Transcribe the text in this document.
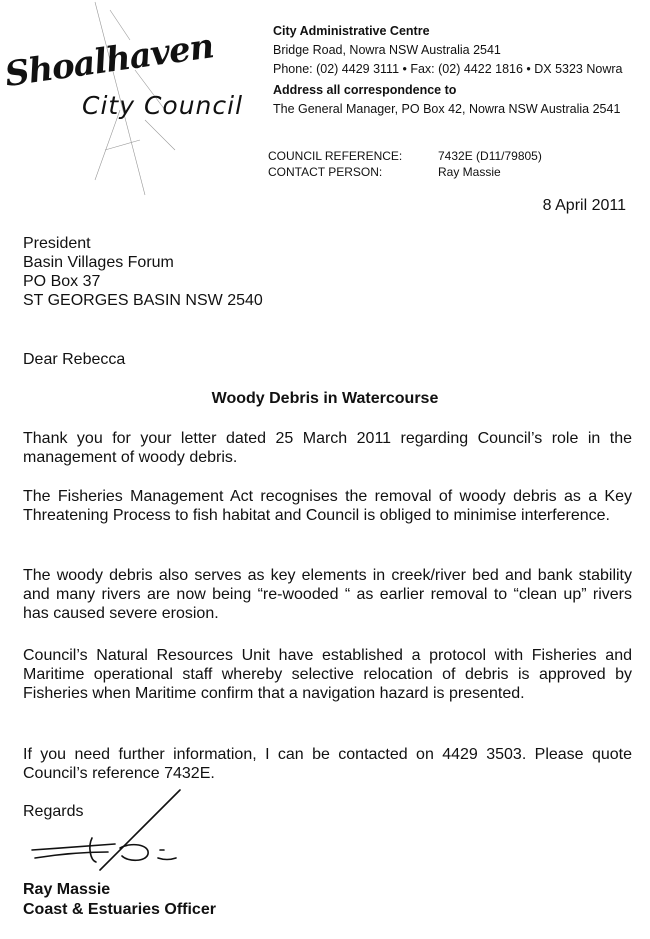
Shoalhaven
City Council
City Administrative Centre
Bridge Road, Nowra NSW Australia 2541
Phone: (02) 4429 3111 • Fax: (02) 4422 1816 • DX 5323 Nowra
Address all correspondence to
The General Manager, PO Box 42, Nowra NSW Australia 2541
COUNCIL REFERENCE:	7432E (D11/79805)
CONTACT PERSON:	Ray Massie
8 April 2011
President
Basin Villages Forum
PO Box 37
ST GEORGES BASIN NSW 2540
Dear Rebecca
Woody Debris in Watercourse
Thank you for your letter dated 25 March 2011 regarding Council’s role in the management of woody debris.
The Fisheries Management Act recognises the removal of woody debris as a Key Threatening Process to fish habitat and Council is obliged to minimise interference.
The woody debris also serves as key elements in creek/river bed and bank stability and many rivers are now being “re-wooded “ as earlier removal to “clean up” rivers has caused severe erosion.
Council’s Natural Resources Unit have established a protocol with Fisheries and Maritime operational staff whereby selective relocation of debris is approved by Fisheries when Maritime confirm that a navigation hazard is presented.
If you need further information, I can be contacted on 4429 3503. Please quote Council’s reference 7432E.
Regards
Ray Massie
Coast & Estuaries Officer
